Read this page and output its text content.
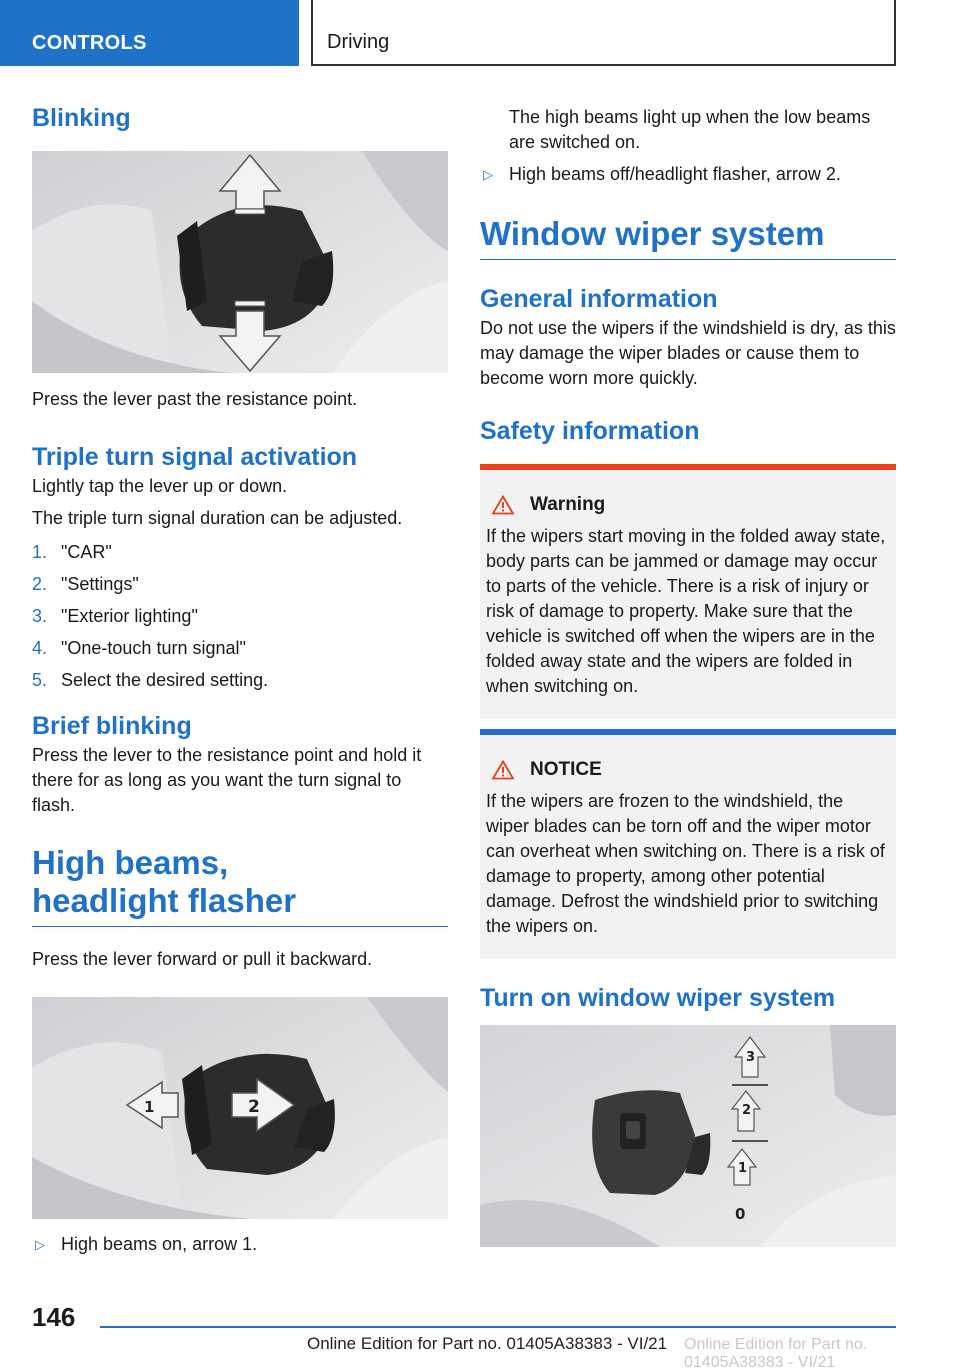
CONTROLS	Driving
Blinking

Press the lever past the resistance point.

Triple turn signal activation

Lightly tap the lever up or down.

The triple turn signal duration can be adjusted.

1. "CAR"
2. "Settings"
3. "Exterior lighting"
4. "One-touch turn signal"
5. Select the desired setting.
Brief blinking

Press the lever to the resistance point and hold it there for as long as you want the turn signal to flash.

High beams,
headlight flasher

Press the lever forward or pull it backward.

1	2
▷ High beams on, arrow 1.

The high beams light up when the low beams are switched on.

▷ High beams off/headlight flasher, arrow 2.
Window wiper system
General information

Do not use the wipers if the windshield is dry, as this may damage the wiper blades or cause them to become worn more quickly.

Safety information
Warning

If the wipers start moving in the folded away state, body parts can be jammed or damage may occur to parts of the vehicle. There is a risk of injury or risk of damage to property. Make sure that the vehicle is switched off when the wipers are in the folded away state and the wipers are folded in when switching on.

NOTICE

If the wipers are frozen to the windshield, the wiper blades can be torn off and the wiper motor can overheat when switching on. There is a risk of damage to property, among other potential damage. Defrost the windshield prior to switching the wipers on.

Turn on window wiper system
3
2
1
0
146
Online Edition for Part no. 01405A38383 - VI/21 Online Edition for Part no. 01405A38383 - VI/21
